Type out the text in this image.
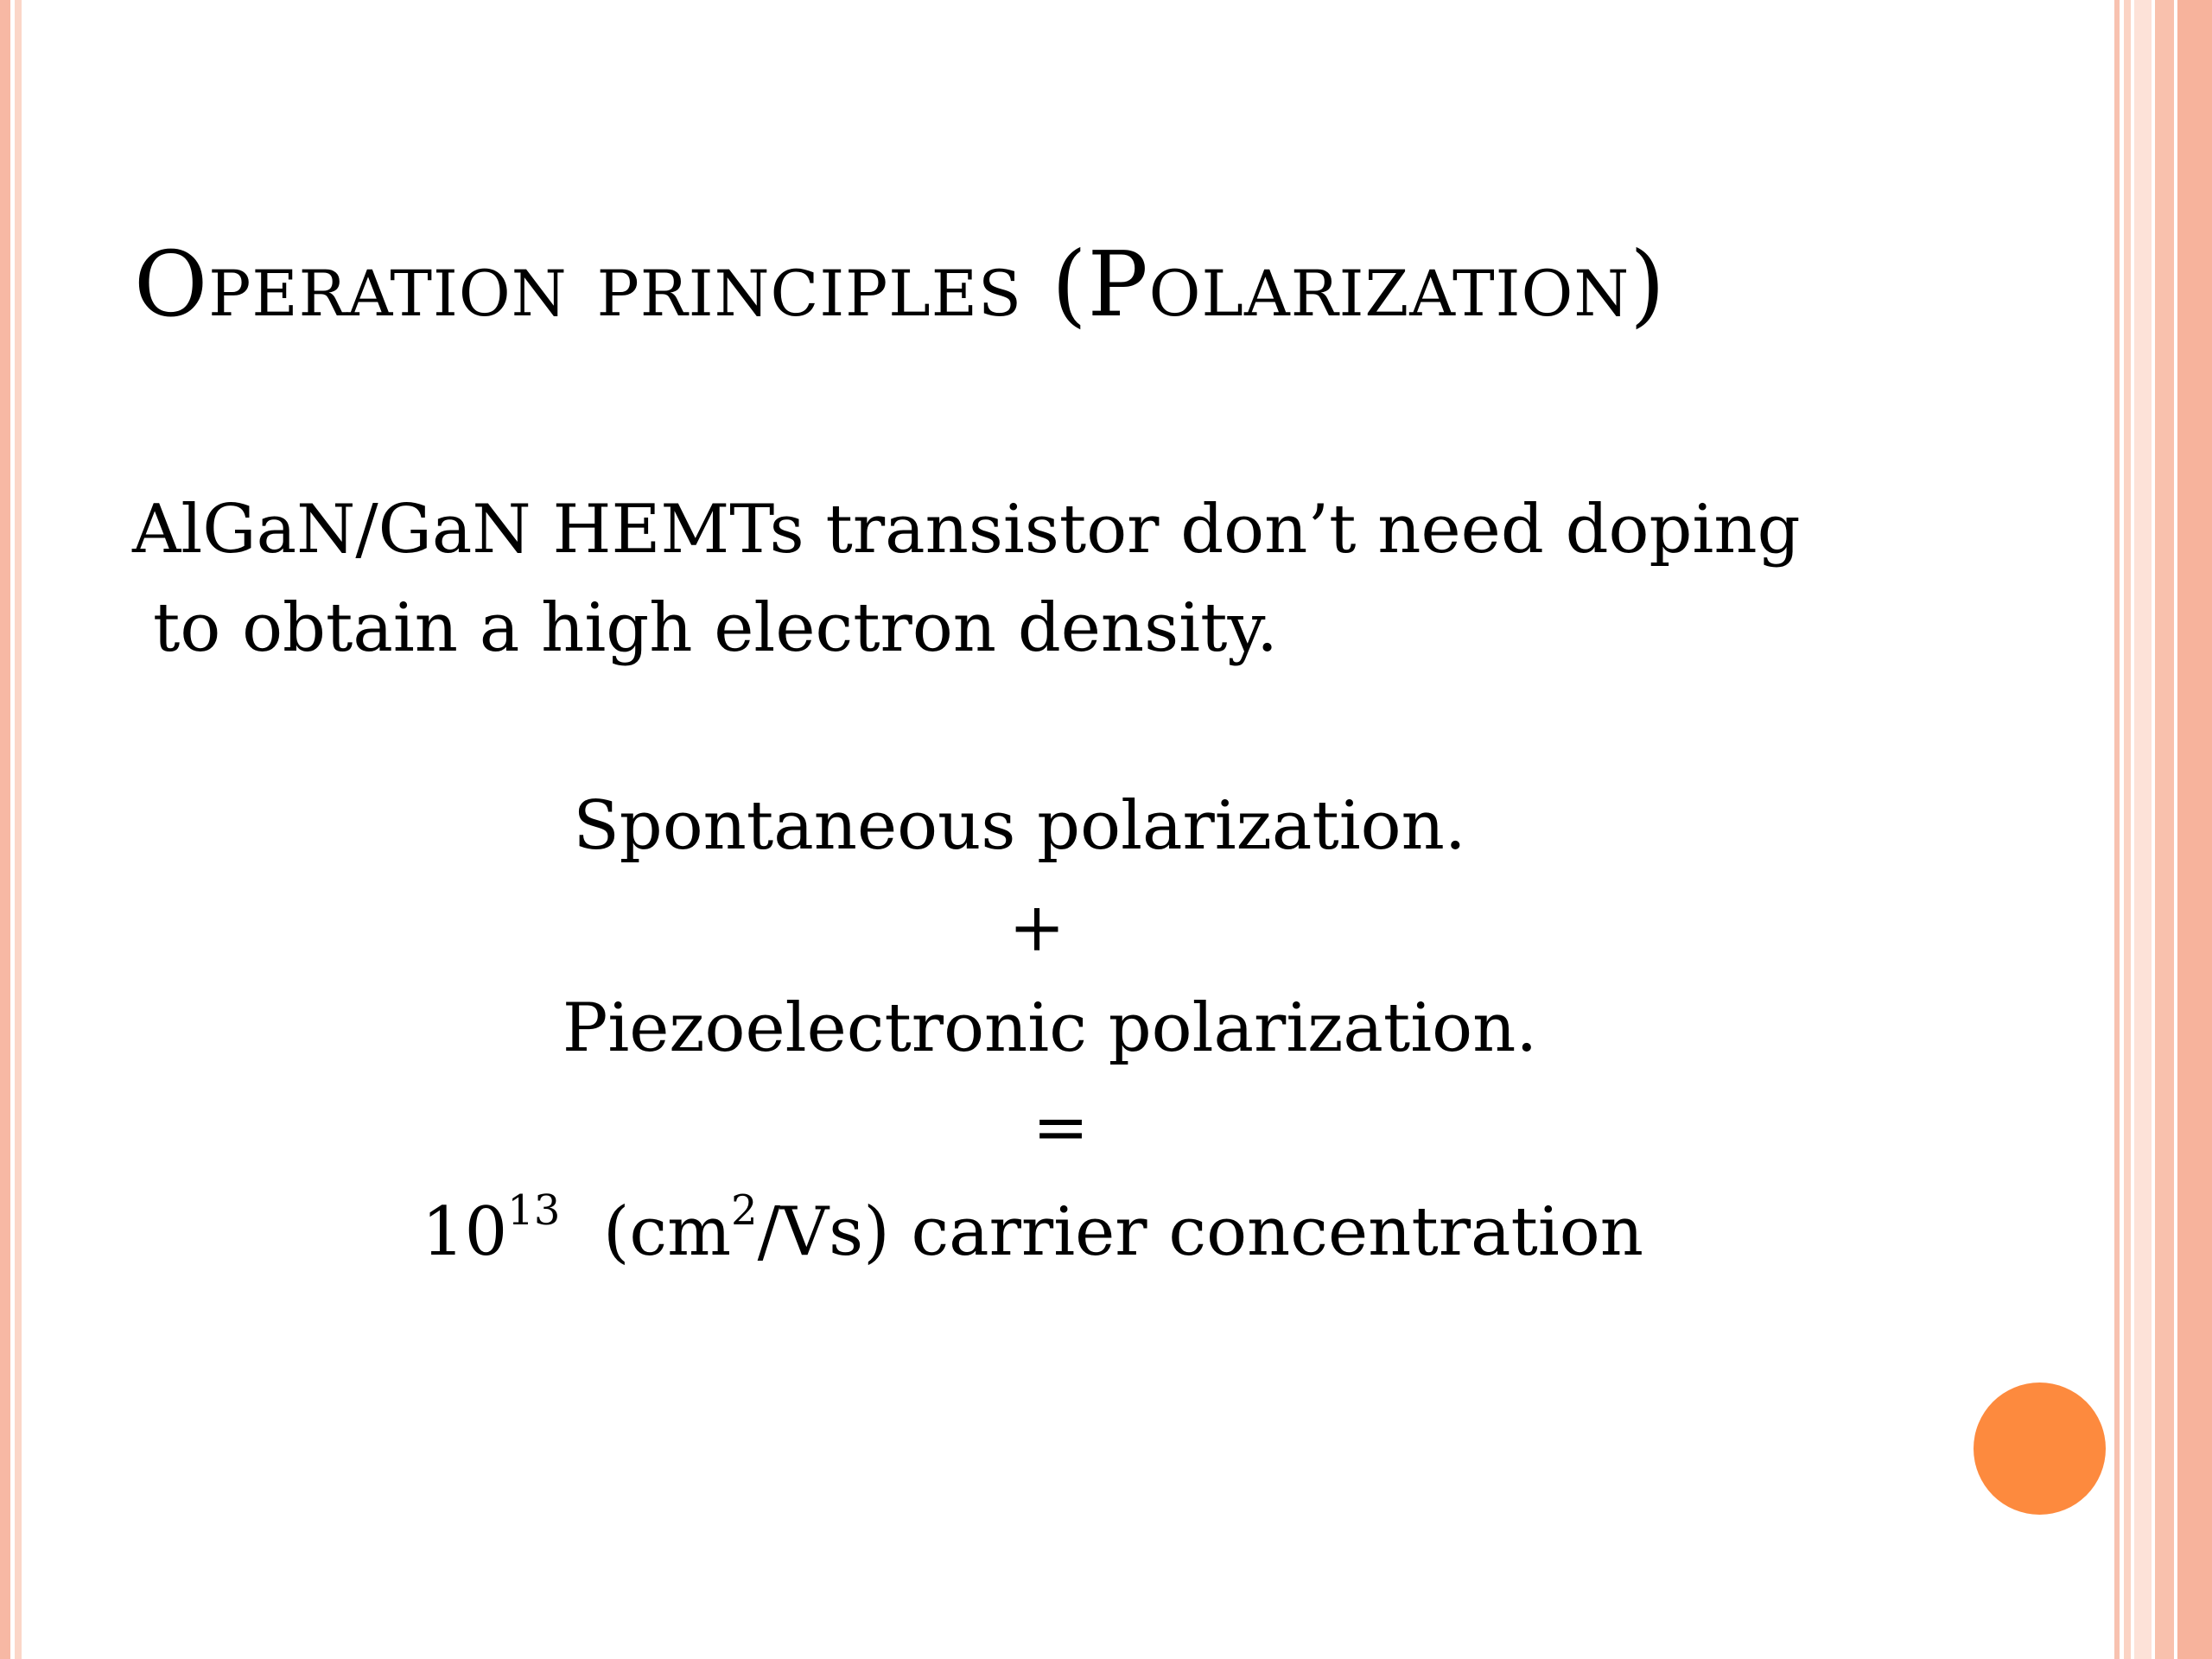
Operation principles (Polarization)
AlGaN/GaN HEMTs transistor don’t need doping
to obtain a high electron density.
Spontaneous polarization.
+
Piezoelectronic polarization.
=
$10^{13}$ $(cm^2/Vs)$ carrier concentration
